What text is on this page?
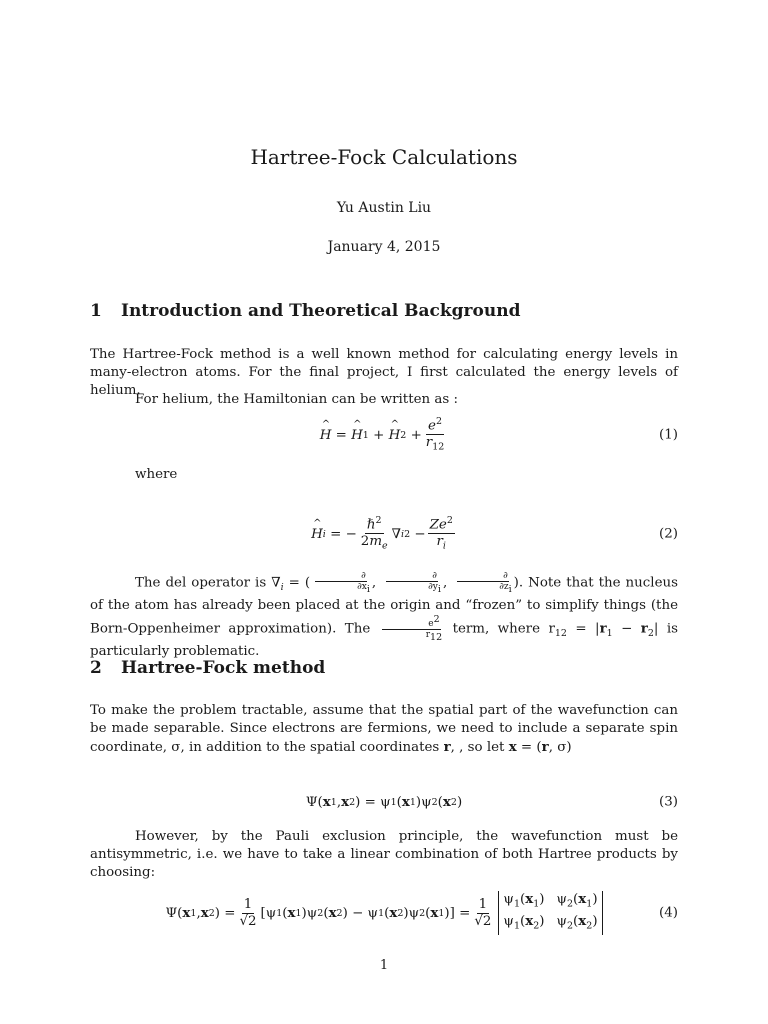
Hartree-Fock Calculations
Yu Austin Liu
January 4, 2015
1 Introduction and Theoretical Background
The Hartree-Fock method is a well known method for calculating energy levels in many-electron atoms. For the final project, I first calculated the energy levels of helium.
For helium, the Hamiltonian can be written as :
^ H = ^ H 1 + ^ H $2 + \frac{e^2}{r_{12}}$	(1)
where
^ H i = − $\frac{\hbar^2}{2m_e}$ ∇ i $2 - \frac{Ze^2}{r_i}$	(2)
The del operator is $\nabla_i$ = (	∂
$\partial x_i$ ,	∂
$\partial y_i$ ,	∂
$\partial z_i$ ). Note that the nucleus of the atom has already been placed at the origin and “frozen” to simplify things (the Born-Oppenheimer approximation). The $\frac{e^2}{r_{12}}$ term, where $r_{12} = |r_1 - r_2|$ is particularly problematic.
2 Hartree-Fock method
To make the problem tractable, assume that the spatial part of the wavefunction can be made separable. Since electrons are fermions, we need to include a separate spin coordinate, σ, in addition to the spatial coordinates r, , so let x = (r, σ)
Ψ( x 1 , x 2 ) = ψ 1 ( x 1 )ψ 2 ( x 2 )	(3)
However, by the Pauli exclusion principle, the wavefunction must be antisymmetric, i.e. we have to take a linear combination of both Hartree products by choosing:
Ψ( x 1 , x 2 ) = $\frac{1}{√2} [\psi$ 1 ( x 1 )ψ 2 ( x 2 ) − ψ 1 ( x 2 )ψ 2 ( x 1 )] = $\frac{1}{√2} \psi_1(x_1)$ $\psi_2(x_1)$
$\psi_1(x_2)$ $\psi_2(x_2)$
(4)
1
